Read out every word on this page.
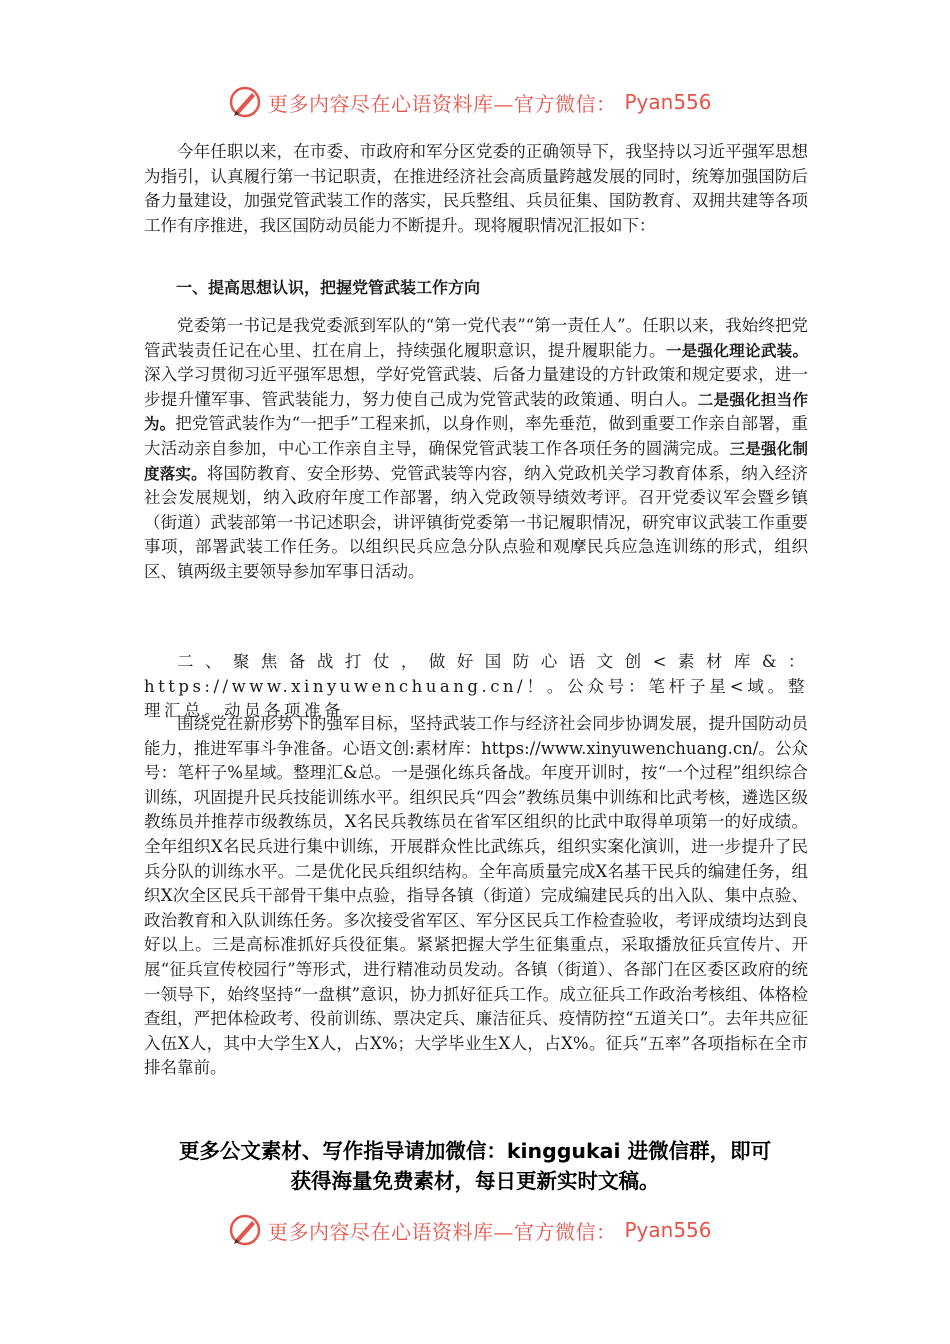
更多内容尽在心语资料库—官方微信： Pyan556

今年任职以来，在市委、市政府和军分区党委的正确领导下，我坚持以习近平强军思想为指引，认真履行第一书记职责，在推进经济社会高质量跨越发展的同时，统筹加强国防后备力量建设，加强党管武装工作的落实，民兵整组、兵员征集、国防教育、双拥共建等各项工作有序推进，我区国防动员能力不断提升。现将履职情况汇报如下：

一、提高思想认识，把握党管武装工作方向

党委第一书记是我党委派到军队的“第一党代表”“第一责任人”。任职以来，我始终把党管武装责任记在心里、扛在肩上，持续强化履职意识，提升履职能力。一是强化理论武装。深入学习贯彻习近平强军思想，学好党管武装、后备力量建设的方针政策和规定要求，进一步提升懂军事、管武装能力，努力使自己成为党管武装的政策通、明白人。二是强化担当作为。把党管武装作为“一把手”工程来抓，以身作则，率先垂范，做到重要工作亲自部署，重大活动亲自参加，中心工作亲自主导，确保党管武装工作各项任务的圆满完成。三是强化制度落实。将国防教育、安全形势、党管武装等内容，纳入党政机关学习教育体系，纳入经济社会发展规划，纳入政府年度工作部署，纳入党政领导绩效考评。召开党委议军会暨乡镇（街道）武装部第一书记述职会，讲评镇街党委第一书记履职情况，研究审议武装工作重要事项，部署武装工作任务。以组织民兵应急分队点验和观摩民兵应急连训练的形式，组织区、镇两级主要领导参加军事日活动。

二、聚焦备战打仗，做好国防心语文创<素材库&：https://www.xinyuwenchuang.cn/！。公众号：笔杆子星<域。整理汇总。动员各项准备

围绕党在新形势下的强军目标，坚持武装工作与经济社会同步协调发展，提升国防动员能力，推进军事斗争准备。心语文创:素材库：https://www.xinyuwenchuang.cn/。公众号：笔杆子%星域。整理汇&总。一是强化练兵备战。年度开训时，按“一个过程”组织综合训练，巩固提升民兵技能训练水平。组织民兵“四会”教练员集中训练和比武考核，遴选区级教练员并推荐市级教练员，X名民兵教练员在省军区组织的比武中取得单项第一的好成绩。全年组织X名民兵进行集中训练，开展群众性比武练兵，组织实案化演训，进一步提升了民兵分队的训练水平。二是优化民兵组织结构。全年高质量完成X名基干民兵的编建任务，组织X次全区民兵干部骨干集中点验，指导各镇（街道）完成编建民兵的出入队、集中点验、政治教育和入队训练任务。多次接受省军区、军分区民兵工作检查验收，考评成绩均达到良好以上。三是高标准抓好兵役征集。紧紧把握大学生征集重点，采取播放征兵宣传片、开展“征兵宣传校园行”等形式，进行精准动员发动。各镇（街道）、各部门在区委区政府的统一领导下，始终坚持“一盘棋”意识，协力抓好征兵工作。成立征兵工作政治考核组、体格检查组，严把体检政考、役前训练、票决定兵、廉洁征兵、疫情防控“五道关口”。去年共应征入伍X人，其中大学生X人，占X%；大学毕业生X人，占X%。征兵“五率”各项指标在全市排名靠前。

更多公文素材、写作指导请加微信：kinggukai 进微信群，即可
获得海量免费素材，每日更新实时文稿。
更多内容尽在心语资料库—官方微信： Pyan556
